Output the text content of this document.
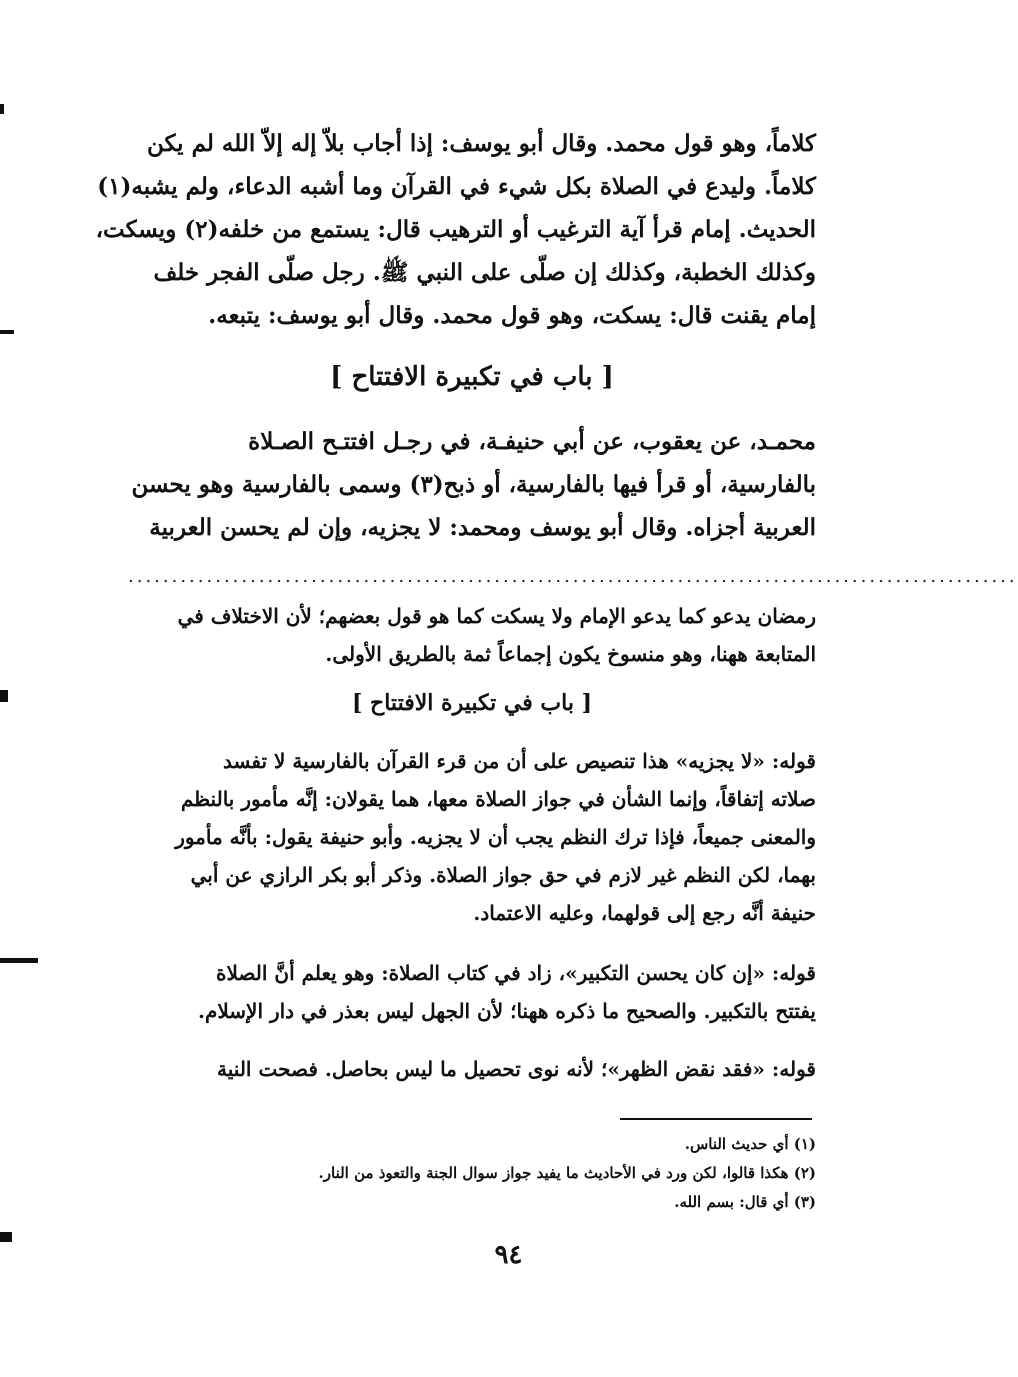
كلاماً، وهو قول محمد. وقال أبو يوسف: إذا أجاب بلاّ إله إلاّ الله لم يكن
كلاماً. وليدع في الصلاة بكل شيء في القرآن وما أشبه الدعاء، ولم يشبه(١)
الحديث. إمام قرأ آية الترغيب أو الترهيب قال: يستمع من خلفه(٢) ويسكت،
وكذلك الخطبة، وكذلك إن صلّى على النبي ﷺ. رجل صلّى الفجر خلف
إمام يقنت قال: يسكت، وهو قول محمد. وقال أبو يوسف: يتبعه.
[ باب في تكبيرة الافتتاح ]
محمـد، عن يعقوب، عن أبي حنيفـة، في رجـل افتتـح الصـلاة
بالفارسية، أو قرأ فيها بالفارسية، أو ذبح(٣) وسمى بالفارسية وهو يحسن
العربية أجزاه. وقال أبو يوسف ومحمد: لا يجزيه، وإن لم يحسن العربية
......................................................................................................
رمضان يدعو كما يدعو الإمام ولا يسكت كما هو قول بعضهم؛ لأن الاختلاف في
المتابعة ههنا، وهو منسوخ يكون إجماعاً ثمة بالطريق الأولى.
[ باب في تكبيرة الافتتاح ]
قوله: «لا يجزيه» هذا تنصيص على أن من قرء القرآن بالفارسية لا تفسد
صلاته إتفاقاً، وإنما الشأن في جواز الصلاة معها، هما يقولان: إنَّه مأمور بالنظم
والمعنى جميعاً، فإذا ترك النظم يجب أن لا يجزيه. وأبو حنيفة يقول: بأنَّه مأمور
بهما، لكن النظم غير لازم في حق جواز الصلاة. وذكر أبو بكر الرازي عن أبي
حنيفة أنَّه رجع إلى قولهما، وعليه الاعتماد.
قوله: «إن كان يحسن التكبير»، زاد في كتاب الصلاة: وهو يعلم أنَّ الصلاة
يفتتح بالتكبير. والصحيح ما ذكره ههنا؛ لأن الجهل ليس بعذر في دار الإسلام.
قوله: «فقد نقض الظهر»؛ لأنه نوى تحصيل ما ليس بحاصل. فصحت النية
(١) أي حديث الناس.
(٢) هكذا قالوا، لكن ورد في الأحاديث ما يفيد جواز سوال الجنة والتعوذ من النار.
(٣) أي قال: بسم الله.
٩٤
